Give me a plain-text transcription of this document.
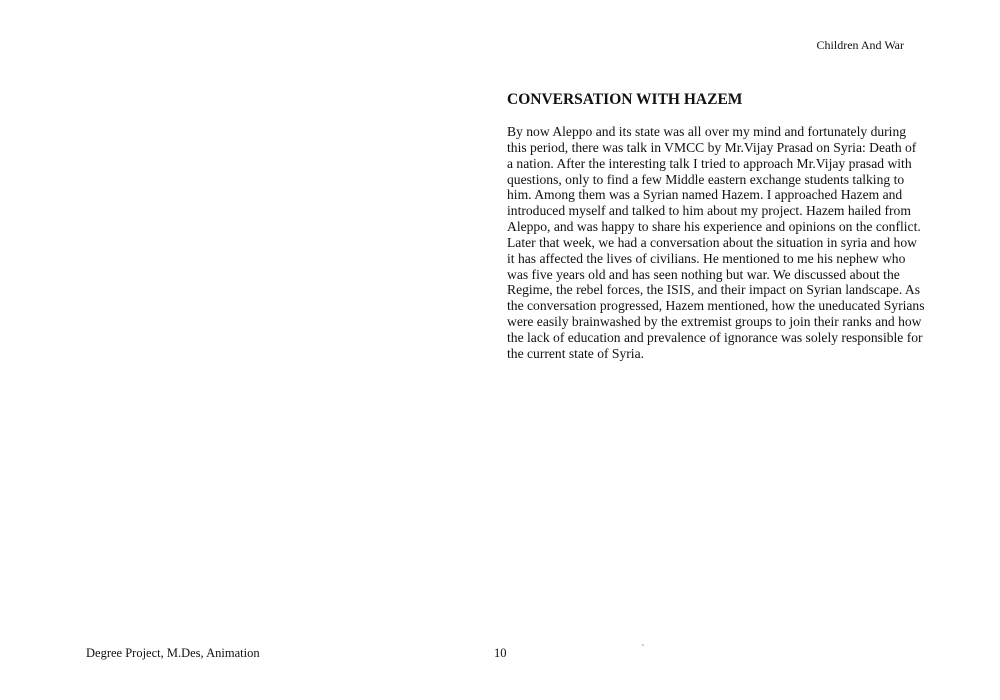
Children And War
CONVERSATION WITH HAZEM

By now Aleppo and its state was all over my mind and fortunately during
this period, there was talk in VMCC by Mr.Vijay Prasad on Syria: Death of
a nation. After the interesting talk I tried to approach Mr.Vijay prasad with
questions, only to find a few Middle eastern exchange students talking to
him. Among them was a Syrian named Hazem. I approached Hazem and
introduced myself and talked to him about my project. Hazem hailed from
Aleppo, and was happy to share his experience and opinions on the conflict.
Later that week, we had a conversation about the situation in syria and how
it has affected the lives of civilians. He mentioned to me his nephew who
was five years old and has seen nothing but war. We discussed about the
Regime, the rebel forces, the ISIS, and their impact on Syrian landscape. As
the conversation progressed, Hazem mentioned, how the uneducated Syrians
were easily brainwashed by the extremist groups to join their ranks and how
the lack of education and prevalence of ignorance was solely responsible for
the current state of Syria.

Degree Project, M.Des, Animation	10	`
